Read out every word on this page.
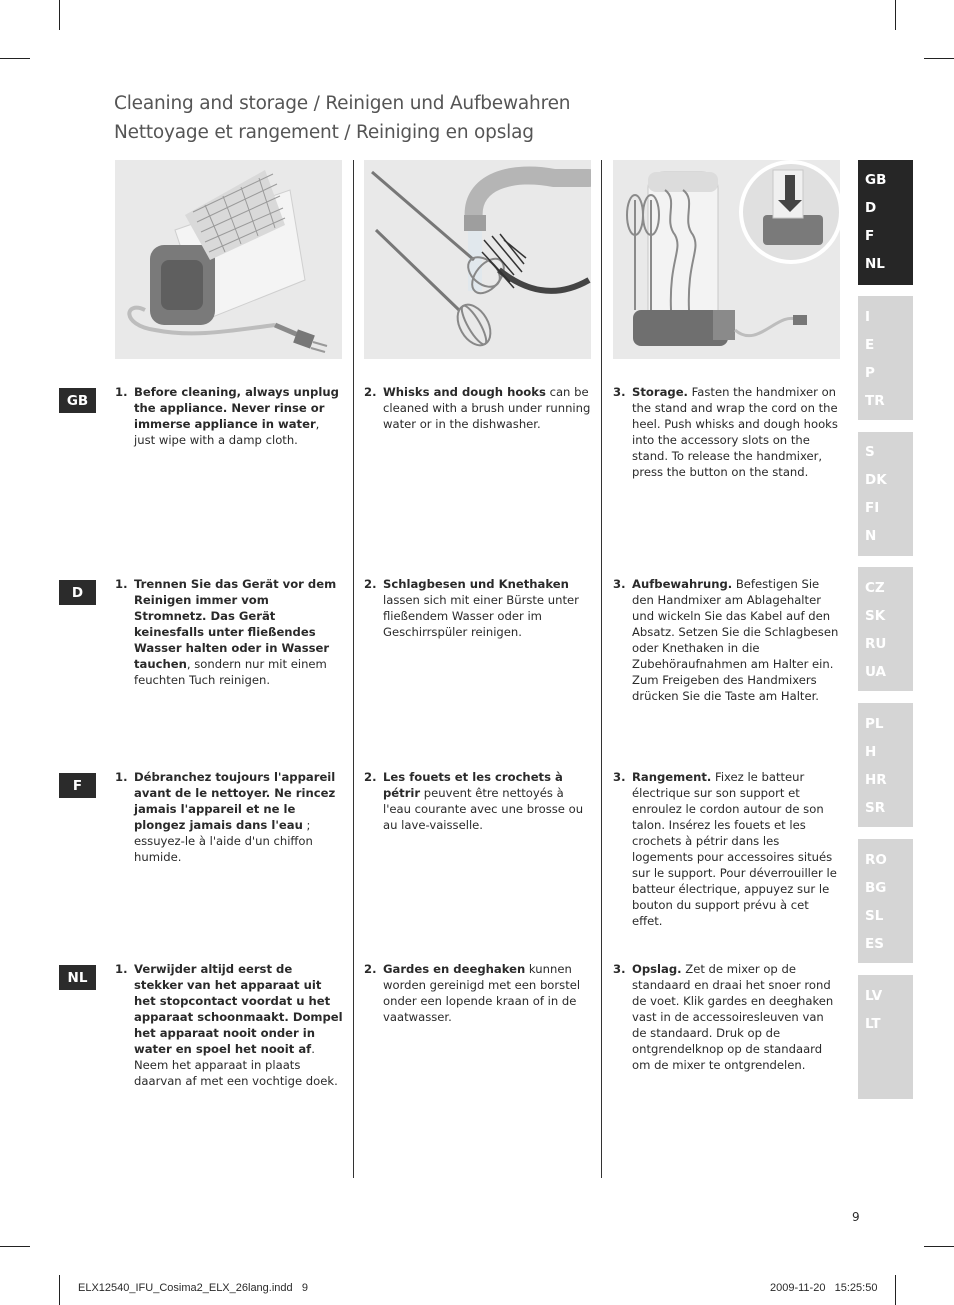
Cleaning and storage / Reinigen und Aufbewahren
Nettoyage et rangement / Reiniging en opslag
GB
1. Before cleaning, always unplug the appliance. Never rinse or immerse appliance in water, just wipe with a damp cloth.
2. Whisks and dough hooks can be cleaned with a brush under running water or in the dishwasher.
3. Storage. Fasten the handmixer on the stand and wrap the cord on the heel. Push whisks and dough hooks into the accessory slots on the stand. To release the handmixer, press the button on the stand.
D
1. Trennen Sie das Gerät vor dem Reinigen immer vom Stromnetz. Das Gerät keinesfalls unter fließendes Wasser halten oder in Wasser tauchen, sondern nur mit einem feuchten Tuch reinigen.
2. Schlagbesen und Knethaken lassen sich mit einer Bürste unter fließendem Wasser oder im Geschirrspüler reinigen.
3. Aufbewahrung. Befestigen Sie den Handmixer am Ablagehalter und wickeln Sie das Kabel auf den Absatz. Setzen Sie die Schlagbesen oder Knethaken in die Zubehöraufnahmen am Halter ein. Zum Freigeben des Handmixers drücken Sie die Taste am Halter.
F
1. Débranchez toujours l'appareil avant de le nettoyer. Ne rincez jamais l'appareil et ne le plongez jamais dans l'eau ; essuyez-le à l'aide d'un chiffon humide.
2. Les fouets et les crochets à pétrir peuvent être nettoyés à l'eau courante avec une brosse ou au lave-vaisselle.
3. Rangement. Fixez le batteur électrique sur son support et enroulez le cordon autour de son talon. Insérez les fouets et les crochets à pétrir dans les logements pour accessoires situés sur le support. Pour déverrouiller le batteur électrique, appuyez sur le bouton du support prévu à cet effet.
NL
1. Verwijder altijd eerst de stekker van het apparaat uit het stopcontact voordat u het apparaat schoonmaakt. Dompel het apparaat nooit onder in water en spoel het nooit af. Neem het apparaat in plaats daarvan af met een vochtige doek.
2. Gardes en deeghaken kunnen worden gereinigd met een borstel onder een lopende kraan of in de vaatwasser.
3. Opslag. Zet de mixer op de standaard en draai het snoer rond de voet. Klik gardes en deeghaken vast in de accessoiresleuven van de standaard. Druk op de ontgrendelknop op de standaard om de mixer te ontgrendelen.
GB
D
F
NL
I
E
P
TR
S
DK
FI
N
CZ
SK
RU
UA
PL
H
HR
SR
RO
BG
SL
ES
LV
LT
9
ELX12540_IFU_Cosima2_ELX_26lang.indd   9	2009-11-20   15:25:50
